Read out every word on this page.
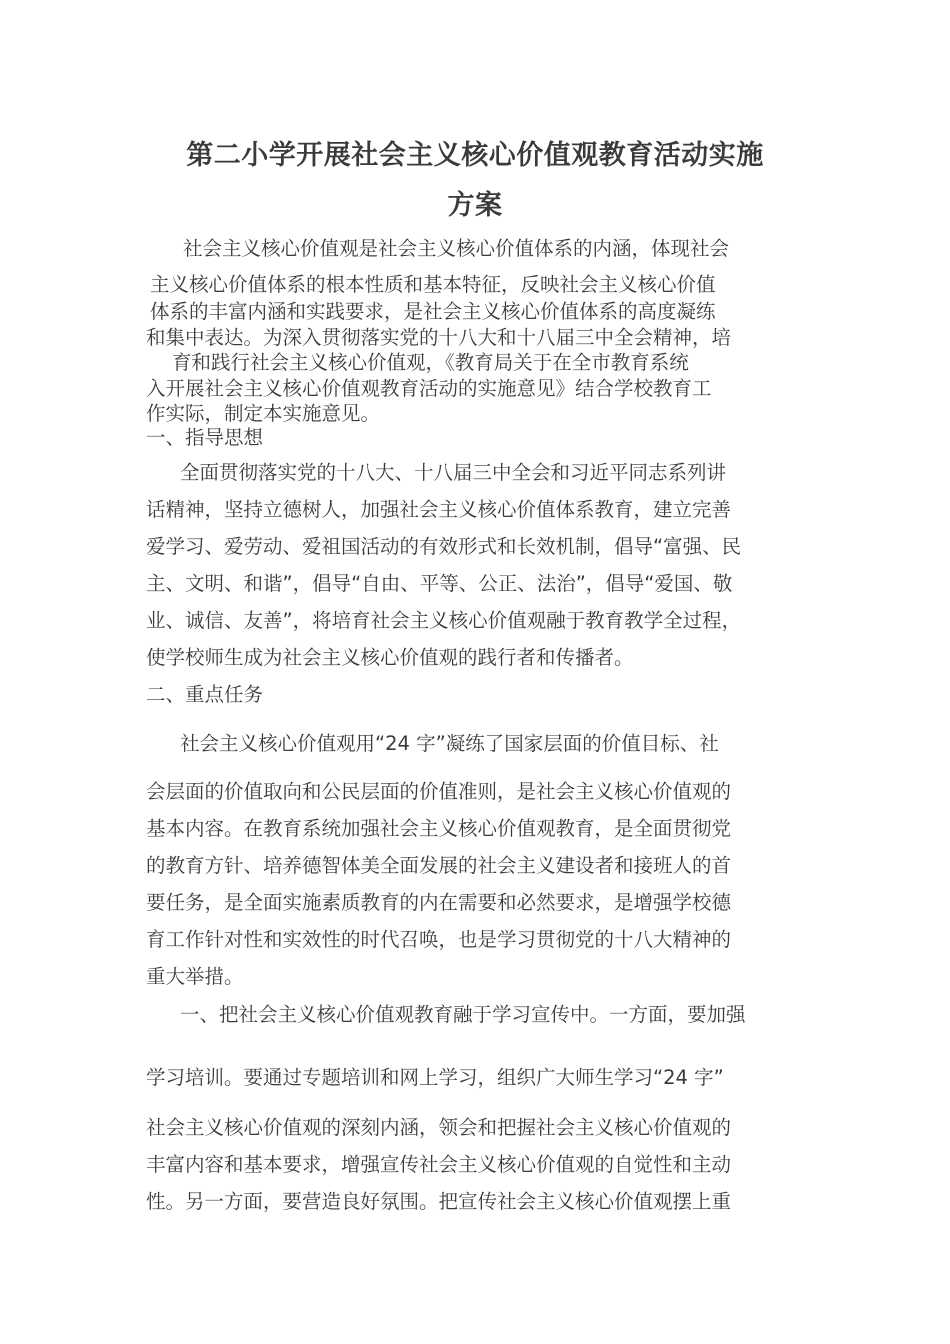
第二小学开展社会主义核心价值观教育活动实施
方案
社会主义核心价值观是社会主义核心价值体系的内涵，体现社会
主义核心价值体系的根本性质和基本特征，反映社会主义核心价值
体系的丰富内涵和实践要求，是社会主义核心价值体系的高度凝练
和集中表达。为深入贯彻落实党的十八大和十八届三中全会精神，培
育和践行社会主义核心价值观，《教育局关于在全市教育系统
入开展社会主义核心价值观教育活动的实施意见》结合学校教育工
作实际，制定本实施意见。
一、指导思想
全面贯彻落实党的十八大、十八届三中全会和习近平同志系列讲
话精神，坚持立德树人，加强社会主义核心价值体系教育，建立完善
爱学习、爱劳动、爱祖国活动的有效形式和长效机制，倡导“富强、民
主、文明、和谐”，倡导“自由、平等、公正、法治”，倡导“爱国、敬
业、诚信、友善”，将培育社会主义核心价值观融于教育教学全过程，
使学校师生成为社会主义核心价值观的践行者和传播者。
二、重点任务
社会主义核心价值观用“24 字”凝练了国家层面的价值目标、社
会层面的价值取向和公民层面的价值准则，是社会主义核心价值观的
基本内容。在教育系统加强社会主义核心价值观教育，是全面贯彻党
的教育方针、培养德智体美全面发展的社会主义建设者和接班人的首
要任务，是全面实施素质教育的内在需要和必然要求，是增强学校德
育工作针对性和实效性的时代召唤，也是学习贯彻党的十八大精神的
重大举措。
一、把社会主义核心价值观教育融于学习宣传中。一方面，要加强
学习培训。要通过专题培训和网上学习，组织广大师生学习“24 字”
社会主义核心价值观的深刻内涵，领会和把握社会主义核心价值观的
丰富内容和基本要求，增强宣传社会主义核心价值观的自觉性和主动
性。另一方面，要营造良好氛围。把宣传社会主义核心价值观摆上重
